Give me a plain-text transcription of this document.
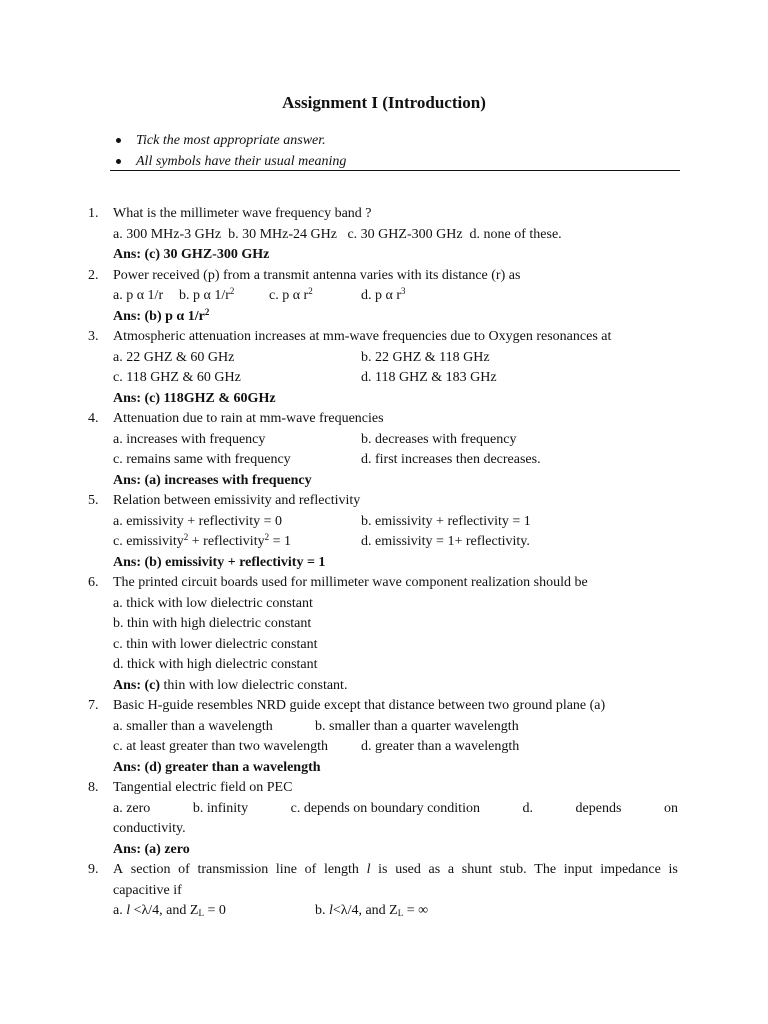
Assignment I (Introduction)
Tick the most appropriate answer.
All symbols have their usual meaning
1. What is the millimeter wave frequency band ?
a. 300 MHz-3 GHz  b. 30 MHz-24 GHz   c. 30 GHZ-300 GHz  d. none of these.
Ans: (c) 30 GHZ-300 GHz
2. Power received (p) from a transmit antenna varies with its distance (r) as
a. p α 1/r b. p α $1/r^2$ c. p α $r^2$	d. p α $r^3$
Ans: (b) p α $1/r^2$
3. Atmospheric attenuation increases at mm-wave frequencies due to Oxygen resonances at
a. 22 GHZ & 60 GHz	b. 22 GHZ & 118 GHz
c. 118 GHZ & 60 GHz	d. 118 GHZ & 183 GHz
Ans: (c) 118GHZ & 60GHz
4. Attenuation due to rain at mm-wave frequencies
a. increases with frequency	b. decreases with frequency
c. remains same with frequency	d. first increases then decreases.
Ans: (a) increases with frequency
5. Relation between emissivity and reflectivity
a. emissivity + reflectivity = 0	b. emissivity + reflectivity = 1
c. emissivity$^2$ + reflectivity$^2$ = 1	d. emissivity = 1+ reflectivity.
Ans: (b) emissivity + reflectivity = 1
6. The printed circuit boards used for millimeter wave component realization should be
a. thick with low dielectric constant
b. thin with high dielectric constant
c. thin with lower dielectric constant
d. thick with high dielectric constant
Ans: (c) thin with low dielectric constant.
7. Basic H-guide resembles NRD guide except that distance between two ground plane (a)
a. smaller than a wavelength	b. smaller than a quarter wavelength
c. at least greater than two wavelength d. greater than a wavelength
Ans: (d) greater than a wavelength
8. Tangential electric field on PEC
a. zero	b. infinity	c. depends on boundary condition	d.	depends	on
conductivity.
Ans: (a) zero
9. A section of transmission line of length l is used as a shunt stub. The input impedance is
capacitive if
a. l <λ/4, and $Z_L = 0$	b. l<λ/4, and $Z_L$ = ∞
